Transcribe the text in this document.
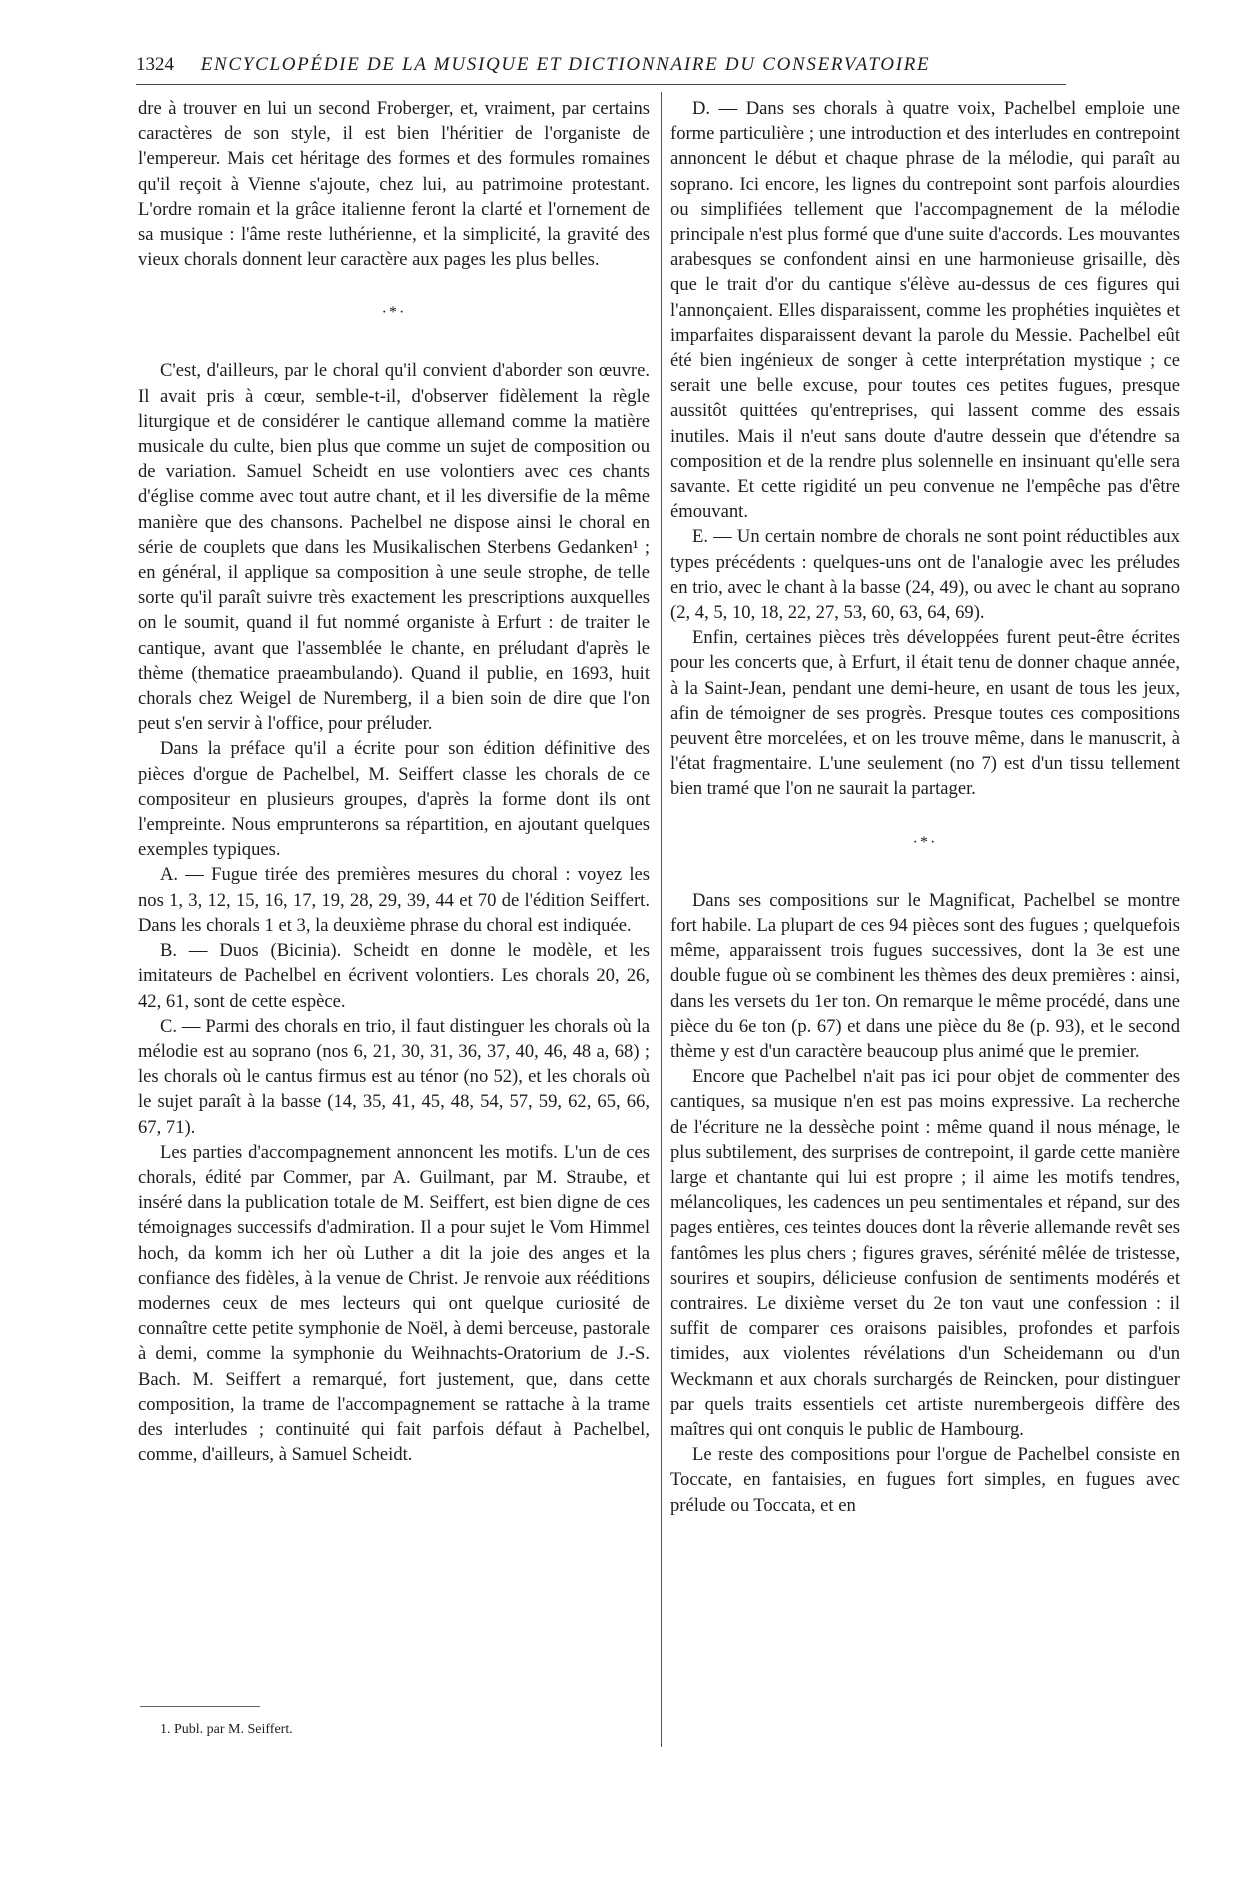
1324 ENCYCLOPÉDIE DE LA MUSIQUE ET DICTIONNAIRE DU CONSERVATOIRE

dre à trouver en lui un second Froberger, et, vraiment, par certains caractères de son style, il est bien l'héritier de l'organiste de l'empereur. Mais cet héritage des formes et des formules romaines qu'il reçoit à Vienne s'ajoute, chez lui, au patrimoine protestant. L'ordre romain et la grâce italienne feront la clarté et l'ornement de sa musique : l'âme reste luthérienne, et la simplicité, la gravité des vieux chorals donnent leur caractère aux pages les plus belles.

·*·

C'est, d'ailleurs, par le choral qu'il convient d'aborder son œuvre. Il avait pris à cœur, semble-t-il, d'observer fidèlement la règle liturgique et de considérer le cantique allemand comme la matière musicale du culte, bien plus que comme un sujet de composition ou de variation. Samuel Scheidt en use volontiers avec ces chants d'église comme avec tout autre chant, et il les diversifie de la même manière que des chansons. Pachelbel ne dispose ainsi le choral en série de couplets que dans les Musikalischen Sterbens Gedanken¹ ; en général, il applique sa composition à une seule strophe, de telle sorte qu'il paraît suivre très exactement les prescriptions auxquelles on le soumit, quand il fut nommé organiste à Erfurt : de traiter le cantique, avant que l'assemblée le chante, en préludant d'après le thème (thematice praeambulando). Quand il publie, en 1693, huit chorals chez Weigel de Nuremberg, il a bien soin de dire que l'on peut s'en servir à l'office, pour préluder.

Dans la préface qu'il a écrite pour son édition définitive des pièces d'orgue de Pachelbel, M. Seiffert classe les chorals de ce compositeur en plusieurs groupes, d'après la forme dont ils ont l'empreinte. Nous emprunterons sa répartition, en ajoutant quelques exemples typiques.

A. — Fugue tirée des premières mesures du choral : voyez les nos 1, 3, 12, 15, 16, 17, 19, 28, 29, 39, 44 et 70 de l'édition Seiffert. Dans les chorals 1 et 3, la deuxième phrase du choral est indiquée.

B. — Duos (Bicinia). Scheidt en donne le modèle, et les imitateurs de Pachelbel en écrivent volontiers. Les chorals 20, 26, 42, 61, sont de cette espèce.

C. — Parmi des chorals en trio, il faut distinguer les chorals où la mélodie est au soprano (nos 6, 21, 30, 31, 36, 37, 40, 46, 48 a, 68) ; les chorals où le cantus firmus est au ténor (no 52), et les chorals où le sujet paraît à la basse (14, 35, 41, 45, 48, 54, 57, 59, 62, 65, 66, 67, 71).

Les parties d'accompagnement annoncent les motifs. L'un de ces chorals, édité par Commer, par A. Guilmant, par M. Straube, et inséré dans la publication totale de M. Seiffert, est bien digne de ces témoignages successifs d'admiration. Il a pour sujet le Vom Himmel hoch, da komm ich her où Luther a dit la joie des anges et la confiance des fidèles, à la venue de Christ. Je renvoie aux rééditions modernes ceux de mes lecteurs qui ont quelque curiosité de connaître cette petite symphonie de Noël, à demi berceuse, pastorale à demi, comme la symphonie du Weihnachts-Oratorium de J.-S. Bach. M. Seiffert a remarqué, fort justement, que, dans cette composition, la trame de l'accompagnement se rattache à la trame des interludes ; continuité qui fait parfois défaut à Pachelbel, comme, d'ailleurs, à Samuel Scheidt.

D. — Dans ses chorals à quatre voix, Pachelbel emploie une forme particulière ; une introduction et des interludes en contrepoint annoncent le début et chaque phrase de la mélodie, qui paraît au soprano. Ici encore, les lignes du contrepoint sont parfois alourdies ou simplifiées tellement que l'accompagnement de la mélodie principale n'est plus formé que d'une suite d'accords. Les mouvantes arabesques se confondent ainsi en une harmonieuse grisaille, dès que le trait d'or du cantique s'élève au-dessus de ces figures qui l'annonçaient. Elles disparaissent, comme les prophéties inquiètes et imparfaites disparaissent devant la parole du Messie. Pachelbel eût été bien ingénieux de songer à cette interprétation mystique ; ce serait une belle excuse, pour toutes ces petites fugues, presque aussitôt quittées qu'entreprises, qui lassent comme des essais inutiles. Mais il n'eut sans doute d'autre dessein que d'étendre sa composition et de la rendre plus solennelle en insinuant qu'elle sera savante. Et cette rigidité un peu convenue ne l'empêche pas d'être émouvant.

E. — Un certain nombre de chorals ne sont point réductibles aux types précédents : quelques-uns ont de l'analogie avec les préludes en trio, avec le chant à la basse (24, 49), ou avec le chant au soprano (2, 4, 5, 10, 18, 22, 27, 53, 60, 63, 64, 69).

Enfin, certaines pièces très développées furent peut-être écrites pour les concerts que, à Erfurt, il était tenu de donner chaque année, à la Saint-Jean, pendant une demi-heure, en usant de tous les jeux, afin de témoigner de ses progrès. Presque toutes ces compositions peuvent être morcelées, et on les trouve même, dans le manuscrit, à l'état fragmentaire. L'une seulement (no 7) est d'un tissu tellement bien tramé que l'on ne saurait la partager.

·*·

Dans ses compositions sur le Magnificat, Pachelbel se montre fort habile. La plupart de ces 94 pièces sont des fugues ; quelquefois même, apparaissent trois fugues successives, dont la 3e est une double fugue où se combinent les thèmes des deux premières : ainsi, dans les versets du 1er ton. On remarque le même procédé, dans une pièce du 6e ton (p. 67) et dans une pièce du 8e (p. 93), et le second thème y est d'un caractère beaucoup plus animé que le premier.

Encore que Pachelbel n'ait pas ici pour objet de commenter des cantiques, sa musique n'en est pas moins expressive. La recherche de l'écriture ne la dessèche point : même quand il nous ménage, le plus subtilement, des surprises de contrepoint, il garde cette manière large et chantante qui lui est propre ; il aime les motifs tendres, mélancoliques, les cadences un peu sentimentales et répand, sur des pages entières, ces teintes douces dont la rêverie allemande revêt ses fantômes les plus chers ; figures graves, sérénité mêlée de tristesse, sourires et soupirs, délicieuse confusion de sentiments modérés et contraires. Le dixième verset du 2e ton vaut une confession : il suffit de comparer ces oraisons paisibles, profondes et parfois timides, aux violentes révélations d'un Scheidemann ou d'un Weckmann et aux chorals surchargés de Reincken, pour distinguer par quels traits essentiels cet artiste nurembergeois diffère des maîtres qui ont conquis le public de Hambourg.

Le reste des compositions pour l'orgue de Pachelbel consiste en Toccate, en fantaisies, en fugues fort simples, en fugues avec prélude ou Toccata, et en

1. Publ. par M. Seiffert.
